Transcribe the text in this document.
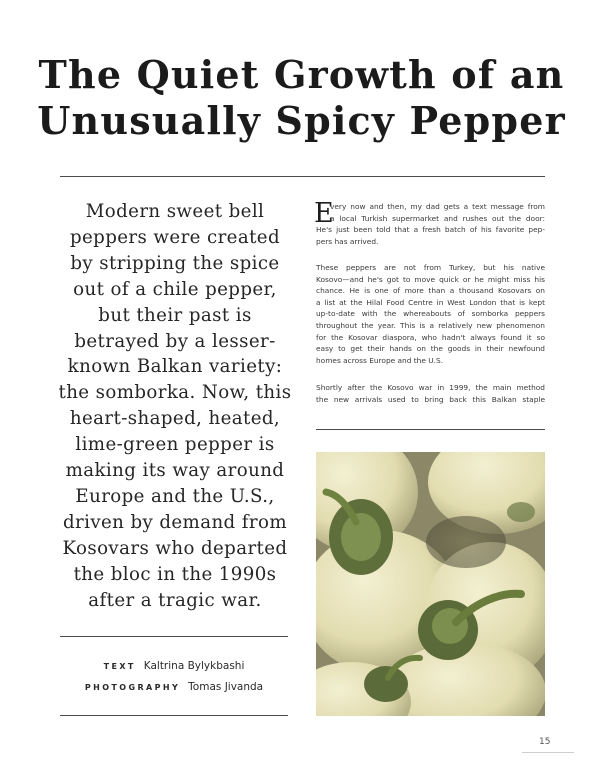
The Quiet Growth of an
Unusually Spicy Pepper
Modern sweet bell
peppers were created
by stripping the spice
out of a chile pepper,
but their past is
betrayed by a lesser-
known Balkan variety:
the somborka. Now, this
heart-shaped, heated,
lime-green pepper is
making its way around
Europe and the U.S.,
driven by demand from
Kosovars who departed
the bloc in the 1990s
after a tragic war.
TEXT Kaltrina Bylykbashi
PHOTOGRAPHY Tomas Jivanda
E
very now and then, my dad gets a text message from
a local Turkish supermarket and rushes out the door:
He's just been told that a fresh batch of his favorite pep-
pers has arrived.
These peppers are not from Turkey, but his native
Kosovo—and he's got to move quick or he might miss his
chance. He is one of more than a thousand Kosovars on
a list at the Hilal Food Centre in West London that is kept
up-to-date with the whereabouts of somborka peppers
throughout the year. This is a relatively new phenomenon
for the Kosovar diaspora, who hadn't always found it so
easy to get their hands on the goods in their newfound
homes across Europe and the U.S.
Shortly after the Kosovo war in 1999, the main method
the new arrivals used to bring back this Balkan staple
15
